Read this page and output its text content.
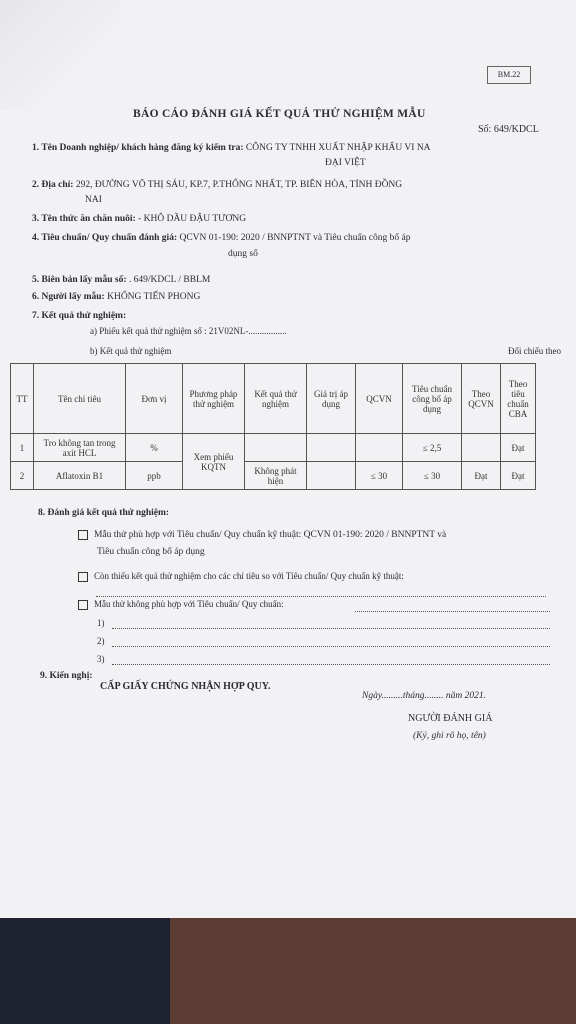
BM.22
BÁO CÁO ĐÁNH GIÁ KẾT QUẢ THỬ NGHIỆM MẪU
Số: 649/KDCL
1. Tên Doanh nghiệp/ khách hàng đăng ký kiểm tra: CÔNG TY TNHH XUẤT NHẬP KHẨU VI NA
ĐẠI VIỆT
2. Địa chỉ: 292, ĐƯỜNG VÕ THỊ SÁU, KP.7, P.THỐNG NHẤT, TP. BIÊN HÒA, TỈNH ĐỒNG
NAI
3. Tên thức ăn chăn nuôi: - KHÔ DẦU ĐẬU TƯƠNG
4. Tiêu chuẩn/ Quy chuẩn đánh giá: QCVN 01-190: 2020 / BNNPTNT và Tiêu chuẩn công bố áp
dụng số
5. Biên bản lấy mẫu số: . 649/KDCL / BBLM
6. Người lấy mẫu: KHỔNG TIẾN PHONG
7. Kết quả thử nghiệm:
a) Phiếu kết quả thử nghiệm số : 21V02NL-.................
b) Kết quả thử nghiệm	Đối chiếu theo
TT	Tên chỉ tiêu	Đơn vị	Phương pháp thử nghiệm	Kết quả thử nghiệm	Giá trị áp dụng	QCVN	Tiêu chuẩn công bố áp dụng	Theo QCVN	Theo tiêu chuẩn CBA
1	Tro không tan trong axit HCL	%	Xem phiếu KQTN				≤ 2,5		Đạt
2	Aflatoxin B1	ppb		Không phát hiện		≤ 30	≤ 30	Đạt	Đạt
8. Đánh giá kết quả thử nghiệm:
Mẫu thử phù hợp với Tiêu chuẩn/ Quy chuẩn kỹ thuật: QCVN 01-190: 2020 / BNNPTNT và
Tiêu chuẩn công bố áp dụng
Còn thiếu kết quả thử nghiệm cho các chỉ tiêu so với Tiêu chuẩn/ Quy chuẩn kỹ thuật:
Mẫu thử không phù hợp với Tiêu chuẩn/ Quy chuẩn:
1)
2)
3)
9. Kiến nghị:
CẤP GIẤY CHỨNG NHẬN HỢP QUY.
Ngày.........tháng........ năm 2021.
NGƯỜI ĐÁNH GIÁ
(Ký, ghi rõ họ, tên)
